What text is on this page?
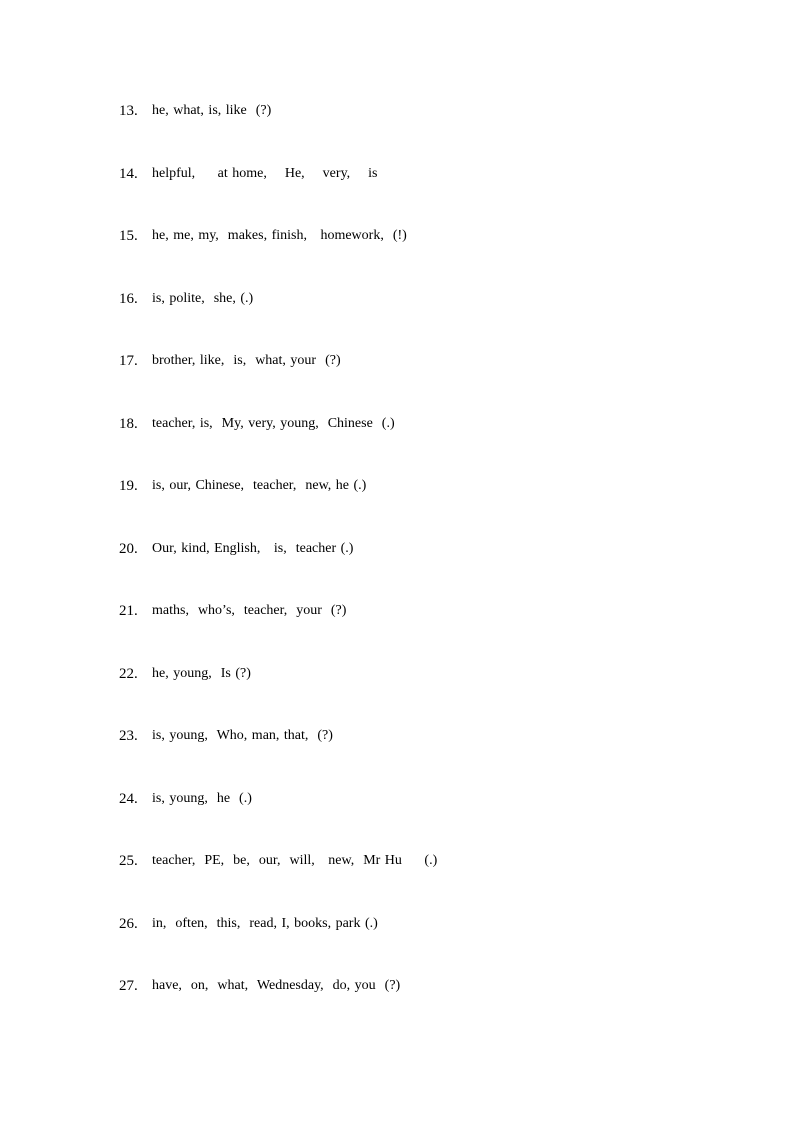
13.	he, what, is, like  (?)
14.	helpful,     at home,    He,    very,    is
15.	he, me, my,  makes, finish,   homework,  (!)
16.	is, polite,  she, (.)
17.	brother, like,  is,  what, your  (?)
18.	teacher, is,  My, very, young,  Chinese  (.)
19.	is, our, Chinese,  teacher,  new, he (.)
20.	Our, kind, English,   is,  teacher (.)
21.	maths,  who’s,  teacher,  your  (?)
22.	he, young,  Is (?)
23.	is, young,  Who, man, that,  (?)
24.	is, young,  he  (.)
25.	teacher,  PE,  be,  our,  will,   new,  Mr Hu     (.)
26.	in,  often,  this,  read, I, books, park (.)
27.	have,  on,  what,  Wednesday,  do, you  (?)
